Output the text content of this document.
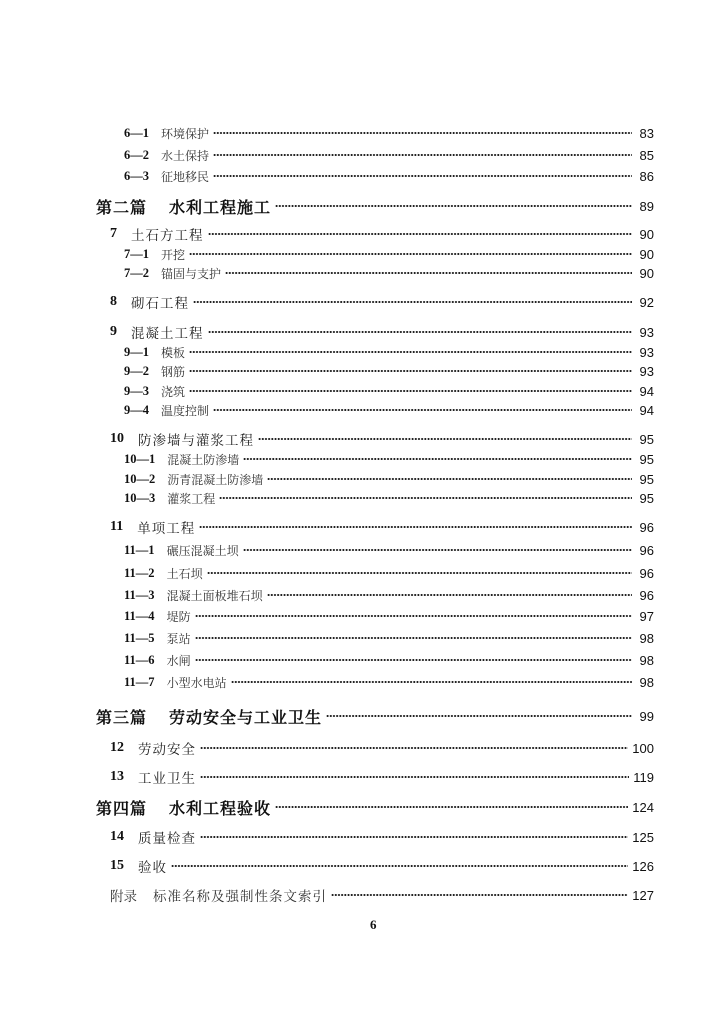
6—1 环境保护	83
6—2 水土保持	85
6—3 征地移民	86
第二篇 水利工程施工	89
7 土石方工程	90
7—1 开挖	90
7—2 锚固与支护	90
8 砌石工程	92
9 混凝土工程	93
9—1 模板	93
9—2 钢筋	93
9—3 浇筑	94
9—4 温度控制	94
10 防渗墙与灌浆工程	95
10—1 混凝土防渗墙	95
10—2 沥青混凝土防渗墙	95
10—3 灌浆工程	95
11 单项工程	96
11—1 碾压混凝土坝	96
11—2 土石坝	96
11—3 混凝土面板堆石坝	96
11—4 堤防	97
11—5 泵站	98
11—6 水闸	98
11—7 小型水电站	98
第三篇 劳动安全与工业卫生	99
12 劳动安全	100
13 工业卫生	119
第四篇 水利工程验收	124
14 质量检查	125
15 验收	126
附录 标准名称及强制性条文索引	127
6
